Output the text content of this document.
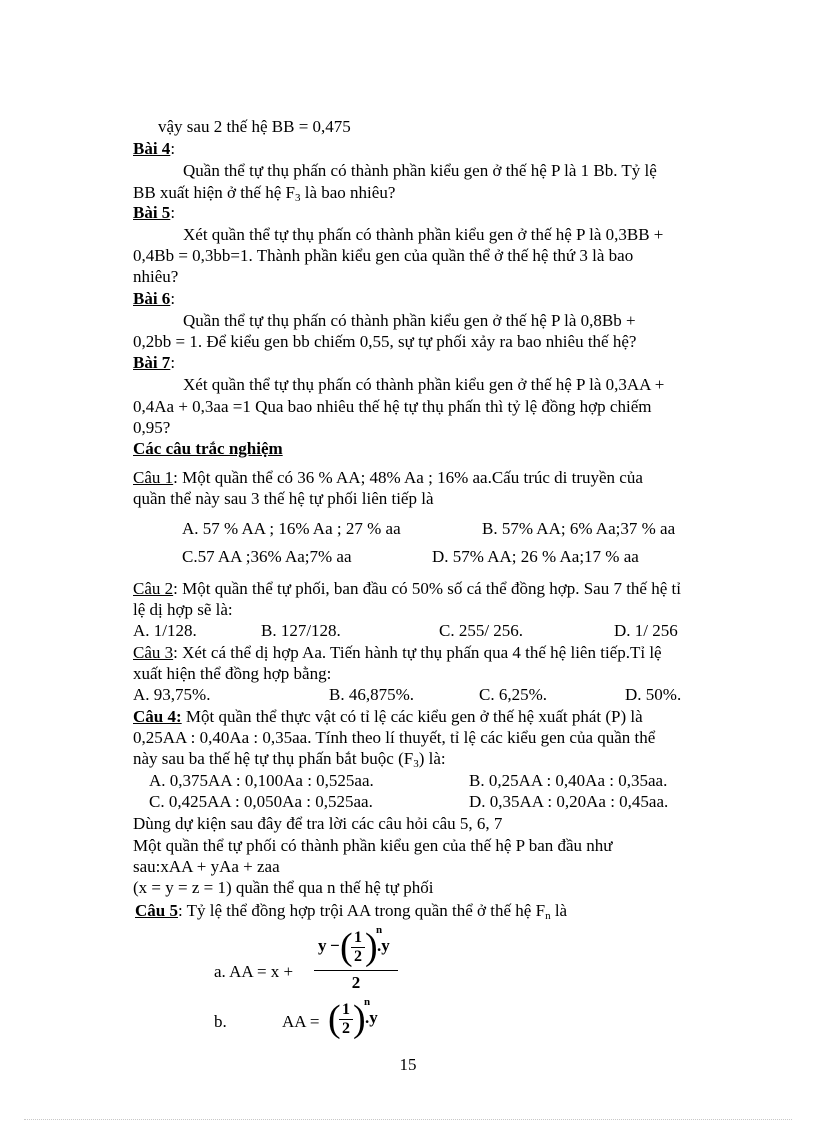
vậy sau 2 thế hệ BB = 0,475
Bài 4:
Quần thể tự thụ phấn có thành phần kiểu gen ở thế hệ P là 1 Bb. Tỷ lệ
BB xuất hiện ở thế hệ $F_3$ là bao nhiêu?
Bài 5:
Xét quần thể tự thụ phấn có thành phần kiểu gen ở thế hệ P là 0,3BB +
0,4Bb = 0,3bb=1. Thành phần kiểu gen của quần thể ở thế hệ thứ 3 là bao
nhiêu?
Bài 6:
Quần thể tự thụ phấn có thành phần kiểu gen ở thế hệ P là 0,8Bb +
0,2bb = 1. Để kiểu gen bb chiếm 0,55, sự tự phối xảy ra bao nhiêu thế hệ?
Bài 7:
Xét quần thể tự thụ phấn có thành phần kiểu gen ở thế hệ P là 0,3AA +
0,4Aa + 0,3aa =1 Qua bao nhiêu thế hệ tự thụ phấn thì tỷ lệ đồng hợp chiếm
0,95?
Các câu trắc nghiệm
Câu 1: Một quần thể có 36 % AA; 48% Aa ; 16% aa.Cấu trúc di truyền của
quần thể này sau 3 thế hệ tự phối liên tiếp là
A. 57 % AA ; 16% Aa ; 27 % aa	B. 57% AA; 6% Aa;37 % aa
C.57 AA ;36% Aa;7% aa	D. 57% AA; 26 % Aa;17 % aa
Câu 2: Một quần thể tự phối, ban đầu có 50% số cá thể đồng hợp. Sau 7 thế hệ tỉ
lệ dị hợp sẽ là:
A. 1/128.	B. 127/128.	C. 255/ 256.	D. 1/ 256
Câu 3: Xét cá thể dị hợp Aa. Tiến hành tự thụ phấn qua 4 thế hệ liên tiếp.Tỉ lệ
xuất hiện thể đồng hợp bằng:
A. 93,75%.	B. 46,875%.	C. 6,25%.	D. 50%.
Câu 4: Một quần thể thực vật có tỉ lệ các kiểu gen ở thế hệ xuất phát (P) là
0,25AA : 0,40Aa : 0,35aa. Tính theo lí thuyết, tỉ lệ các kiểu gen của quần thể
này sau ba thế hệ tự thụ phấn bắt buộc $(F_3)$ là:
A. 0,375AA : 0,100Aa : 0,525aa.	B. 0,25AA : 0,40Aa : 0,35aa.
C. 0,425AA : 0,050Aa : 0,525aa.	D. 0,35AA : 0,20Aa : 0,45aa.
Dùng dự kiện sau đây để tra lời các câu hỏi câu 5, 6, 7
Một quần thể tự phối có thành phần kiểu gen của thế hệ P ban đầu như
sau:xAA + yAa + zaa
(x = y = z = 1) quần thể qua n thế hệ tự phối
Câu 5: Tỷ lệ thể đồng hợp trội AA trong quần thể ở thế hệ $F_n$ là
a. AA = x +
y − ( 1
2 )
n
.y
2
b.	AA = ( 1
2 )
n
.y
15
